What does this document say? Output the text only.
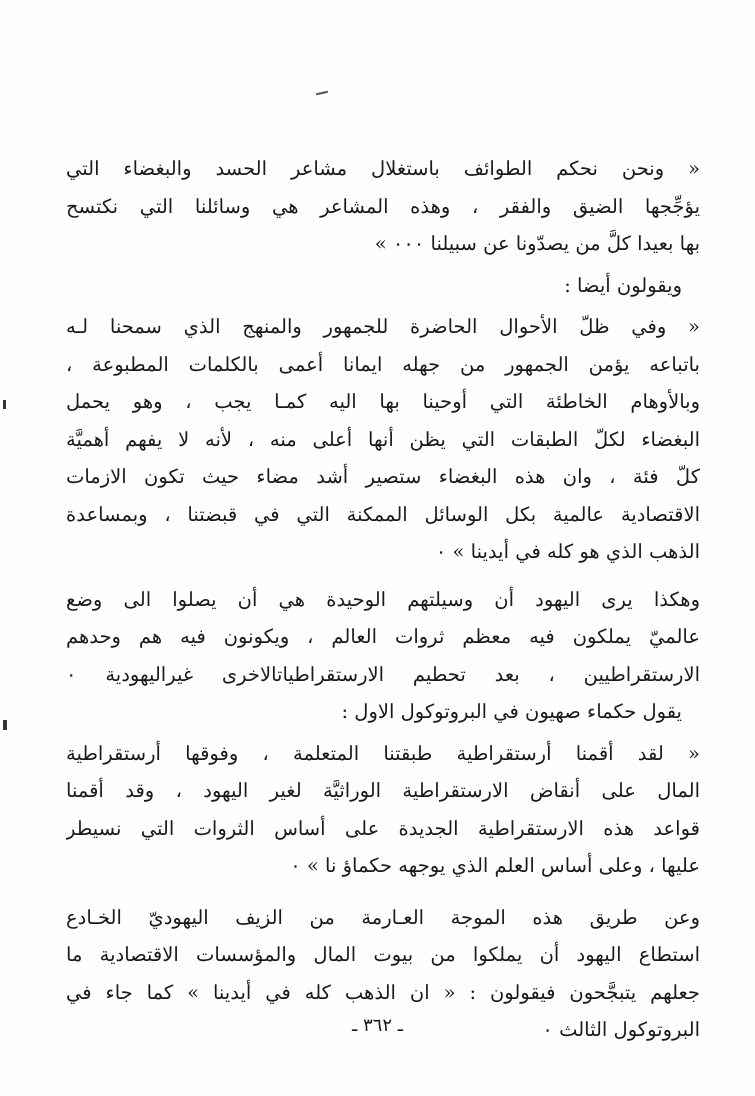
« ونحن نحكم الطوائف باستغلال مشاعر الحسد والبغضاء التي
يؤجِّجها الضيق والفقر ، وهذه المشاعر هي وسائلنا التي نكتسح
بها بعيدا كلَّ من يصدّونا عن سبيلنا ٠٠٠ »

ويقولون أيضا :

« وفي ظلّ الأحوال الحاضرة للجمهور والمنهج الذي سمحنا لـه
باتباعه يؤمن الجمهور من جهله ايمانا أعمى بالكلمات المطبوعة ،
وبالأوهام الخاطئة التي أوحينا بها اليه كمـا يجب ، وهو يحمل
البغضاء لكلّ الطبقات التي يظن أنها أعلى منه ، لأنه لا يفهم أهميَّة
كلّ فئة ، وان هذه البغضاء ستصير أشد مضاء حيث تكون الازمات
الاقتصادية عالمية بكل الوسائل الممكنة التي في قبضتنا ، وبمساعدة
الذهب الذي هو كله في أيدينا » ٠

وهكذا يرى اليهود أن وسيلتهم الوحيدة هي أن يصلوا الى وضع
عالميّ يملكون فيه معظم ثروات العالم ، ويكونون فيه هم وحدهم
الارستقراطيين ، بعد تحطيم الارستقراطياتالاخرى غيراليهودية ٠

يقول حكماء صهيون في البروتوكول الاول :

« لقد أقمنا أرستقراطية طبقتنا المتعلمة ، وفوقها أرستقراطية
المال على أنقاض الارستقراطية الوراثيَّة لغير اليهود ، وقد أقمنا
قواعد هذه الارستقراطية الجديدة على أساس الثروات التي نسيطر
عليها ، وعلى أساس العلم الذي يوجهه حكماؤ نا » ٠

وعن طريق هذه الموجة العـارمة من الزيف اليهوديّ الخـادع
استطاع اليهود أن يملكوا من بيوت المال والمؤسسات الاقتصادية ما
جعلهم يتبجَّحون فيقولون : « ان الذهب كله في أيدينا » كما جاء في
البروتوكول الثالث ٠

ـ ٣٦٢ ـ
